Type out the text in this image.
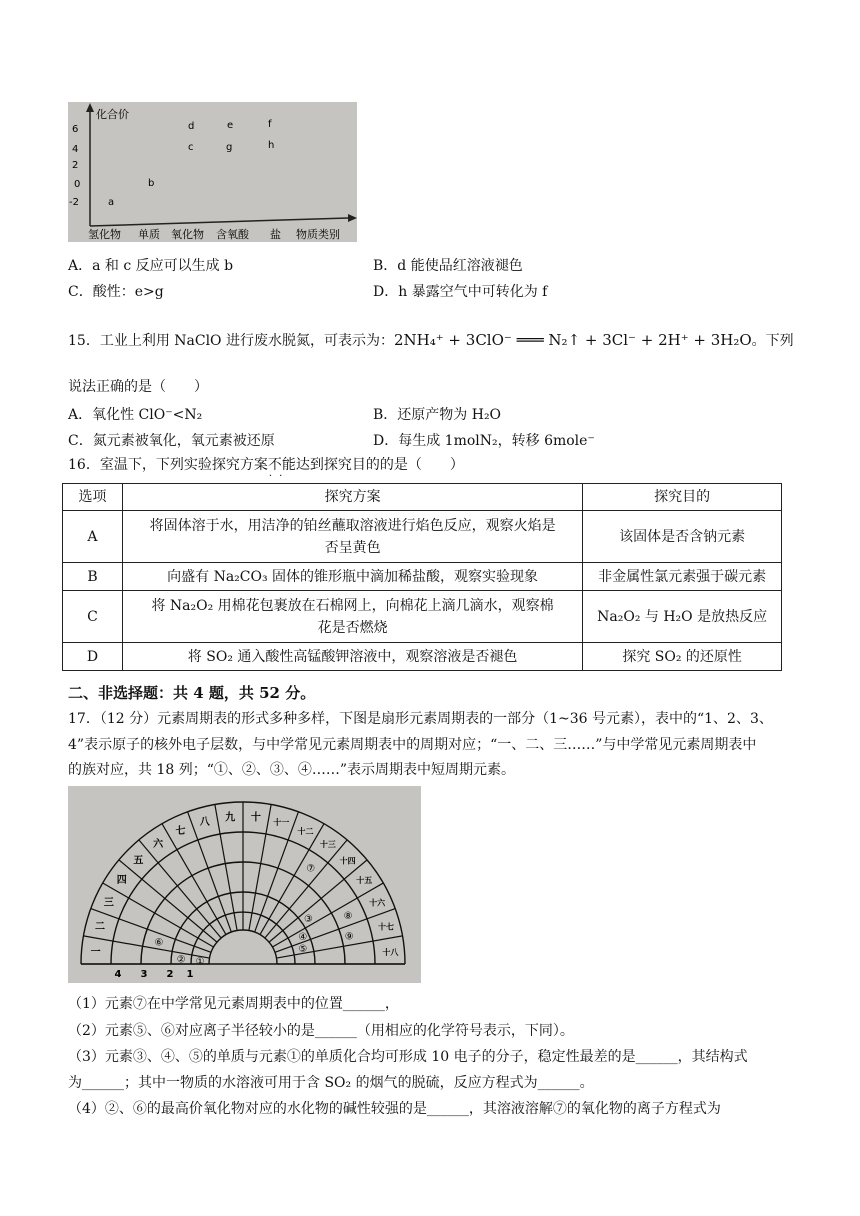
化合价
6
4
2
0
-2	a
b
c
d	e	f
g	h
氢化物 单质 氧化物 含氧酸 盐 物质类别
A．a 和 c 反应可以生成 b	B．d 能使品红溶液褪色
C．酸性：e>g	D．h 暴露空气中可转化为 f
15．工业上利用 NaClO 进行废水脱氮，可表示为：2NH₄⁺ + 3ClO⁻ ═══ N₂↑ + 3Cl⁻ + 2H⁺ + 3H₂O。下列
说法正确的是（　　）
A．氧化性 ClO⁻<N₂	B．还原产物为 H₂O
C．氮元素被氧化，氧元素被还原	D．每生成 1molN₂，转移 6mole⁻
16．室温下，下列实验探究方案不能 · ·达到探究目的的是（　　）
选项	探究方案	探究目的
A	将固体溶于水，用洁净的铂丝蘸取溶液进行焰色反应，观察火焰是否呈黄色	该固体是否含钠元素
B	向盛有 Na₂CO₃ 固体的锥形瓶中滴加稀盐酸，观察实验现象	非金属性氯元素强于碳元素
C	将 Na₂O₂ 用棉花包裹放在石棉网上，向棉花上滴几滴水，观察棉花是否燃烧	Na₂O₂ 与 H₂O 是放热反应
D	将 SO₂ 通入酸性高锰酸钾溶液中，观察溶液是否褪色	探究 SO₂ 的还原性
二、非选择题：共 4 题，共 52 分。
17．（12 分）元素周期表的形式多种多样，下图是扇形元素周期表的一部分（1~36 号元素），表中的“1、2、3、
4”表示原子的核外电子层数，与中学常见元素周期表中的周期对应；“一、二、三……”与中学常见元素周期表中
的族对应，共 18 列；“①、②、③、④……”表示周期表中短周期元素。
一
二
三
四
五
六
七
八 九 十 十一
十二
十三
十四
十五
十六
十七
十八
4 3 2 1
①
②
③
④
⑤
⑥
⑦
⑧
⑨
（1）元素⑦在中学常见元素周期表中的位置______，
（2）元素⑤、⑥对应离子半径较小的是______（用相应的化学符号表示，下同）。
（3）元素③、④、⑤的单质与元素①的单质化合均可形成 10 电子的分子，稳定性最差的是______，其结构式
为______；其中一物质的水溶液可用于含 SO₂ 的烟气的脱硫，反应方程式为______。
（4）②、⑥的最高价氧化物对应的水化物的碱性较强的是______，其溶液溶解⑦的氧化物的离子方程式为
